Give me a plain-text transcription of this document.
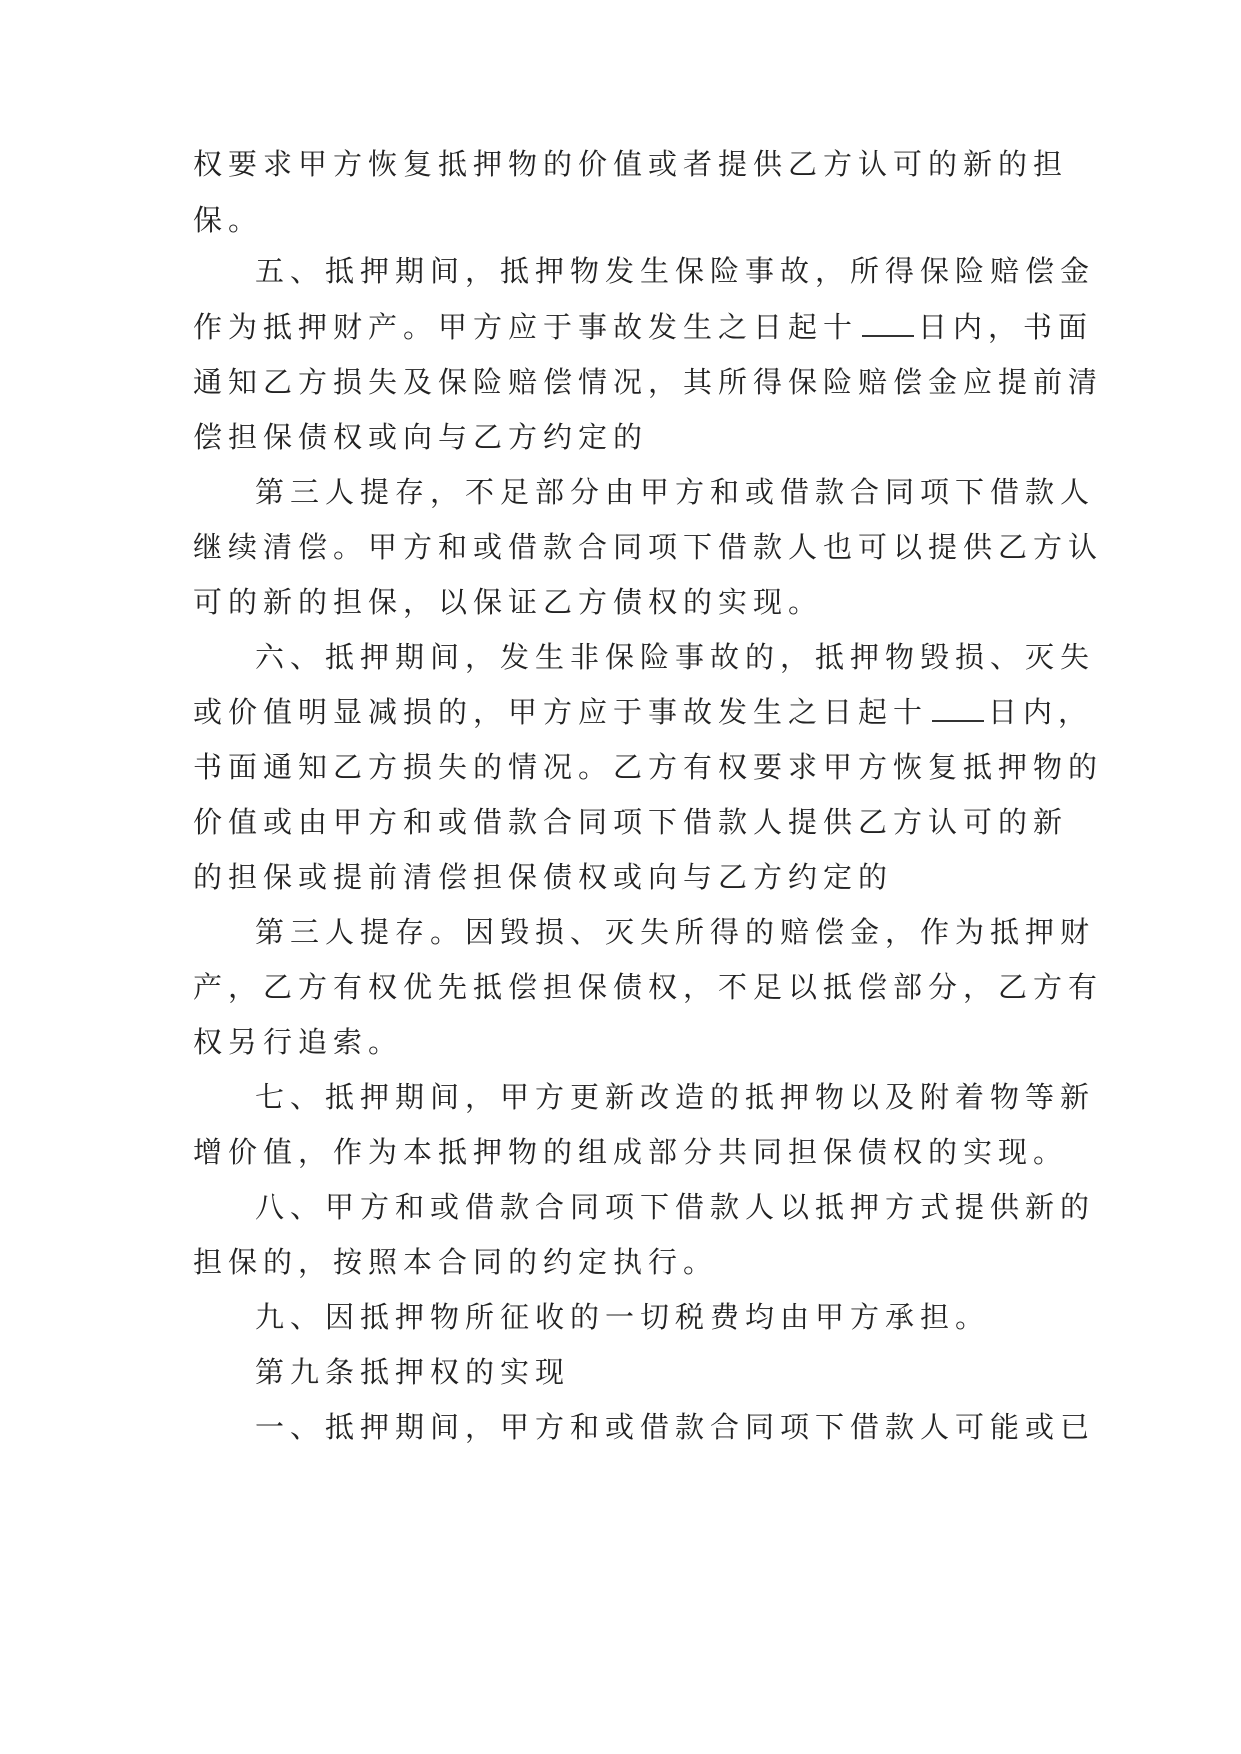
权要求甲方恢复抵押物的价值或者提供乙方认可的新的担
保。
五、抵押期间，抵押物发生保险事故，所得保险赔偿金
作为抵押财产。甲方应于事故发生之日起十 日内，书面
通知乙方损失及保险赔偿情况，其所得保险赔偿金应提前清
偿担保债权或向与乙方约定的
第三人提存，不足部分由甲方和或借款合同项下借款人
继续清偿。甲方和或借款合同项下借款人也可以提供乙方认
可的新的担保，以保证乙方债权的实现。
六、抵押期间，发生非保险事故的，抵押物毁损、灭失
或价值明显减损的，甲方应于事故发生之日起十 日内，
书面通知乙方损失的情况。乙方有权要求甲方恢复抵押物的
价值或由甲方和或借款合同项下借款人提供乙方认可的新
的担保或提前清偿担保债权或向与乙方约定的
第三人提存。因毁损、灭失所得的赔偿金，作为抵押财
产，乙方有权优先抵偿担保债权，不足以抵偿部分，乙方有
权另行追索。
七、抵押期间，甲方更新改造的抵押物以及附着物等新
增价值，作为本抵押物的组成部分共同担保债权的实现。
八、甲方和或借款合同项下借款人以抵押方式提供新的
担保的，按照本合同的约定执行。
九、因抵押物所征收的一切税费均由甲方承担。
第九条抵押权的实现
一、抵押期间，甲方和或借款合同项下借款人可能或已
